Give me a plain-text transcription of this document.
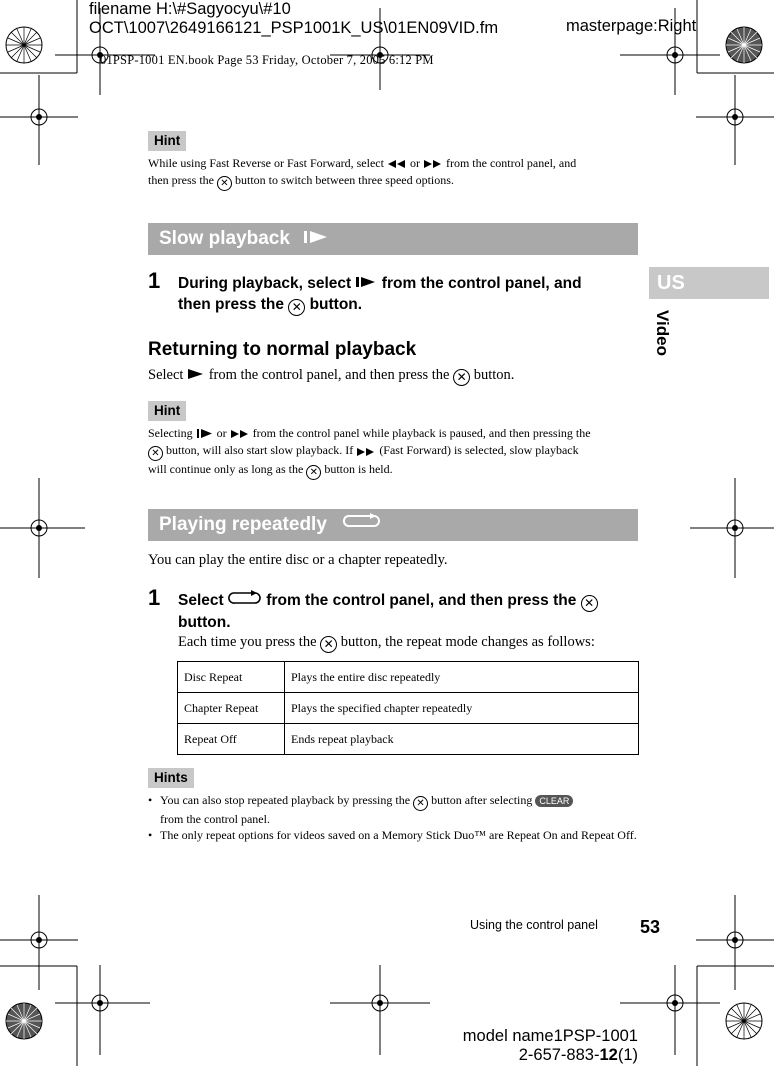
filename H:\#Sagyocyu\#10
OCT\1007\2649166121_PSP1001K_US\01EN09VID.fm	masterpage:Right
01PSP-1001 EN.book Page 53 Friday, October 7, 2005 6:12 PM
Hint
While using Fast Reverse or Fast Forward, select or from the control panel, and
then press the ✕ button to switch between three speed options.
Slow playback
US
Video
1 During playback, select from the control panel, and
then press the ✕ button.
Returning to normal playback
Select from the control panel, and then press the ✕ button.
Hint
Selecting or from the control panel while playback is paused, and then pressing the
✕ button, will also start slow playback. If (Fast Forward) is selected, slow playback
will continue only as long as the ✕ button is held.
Playing repeatedly
You can play the entire disc or a chapter repeatedly.
1 Select	from the control panel, and then press the ✕ button.
Each time you press the ✕ button, the repeat mode changes as follows:
Disc Repeat	Plays the entire disc repeatedly
Chapter Repeat	Plays the specified chapter repeatedly
Repeat Off	Ends repeat playback
Hints
• You can also stop repeated playback by pressing the ✕ button after selecting CLEAR
from the control panel.
• The only repeat options for videos saved on a Memory Stick Duo™ are Repeat On and Repeat Off.
Using the control panel 53
model name1PSP-1001
2-657-883-12(1)
